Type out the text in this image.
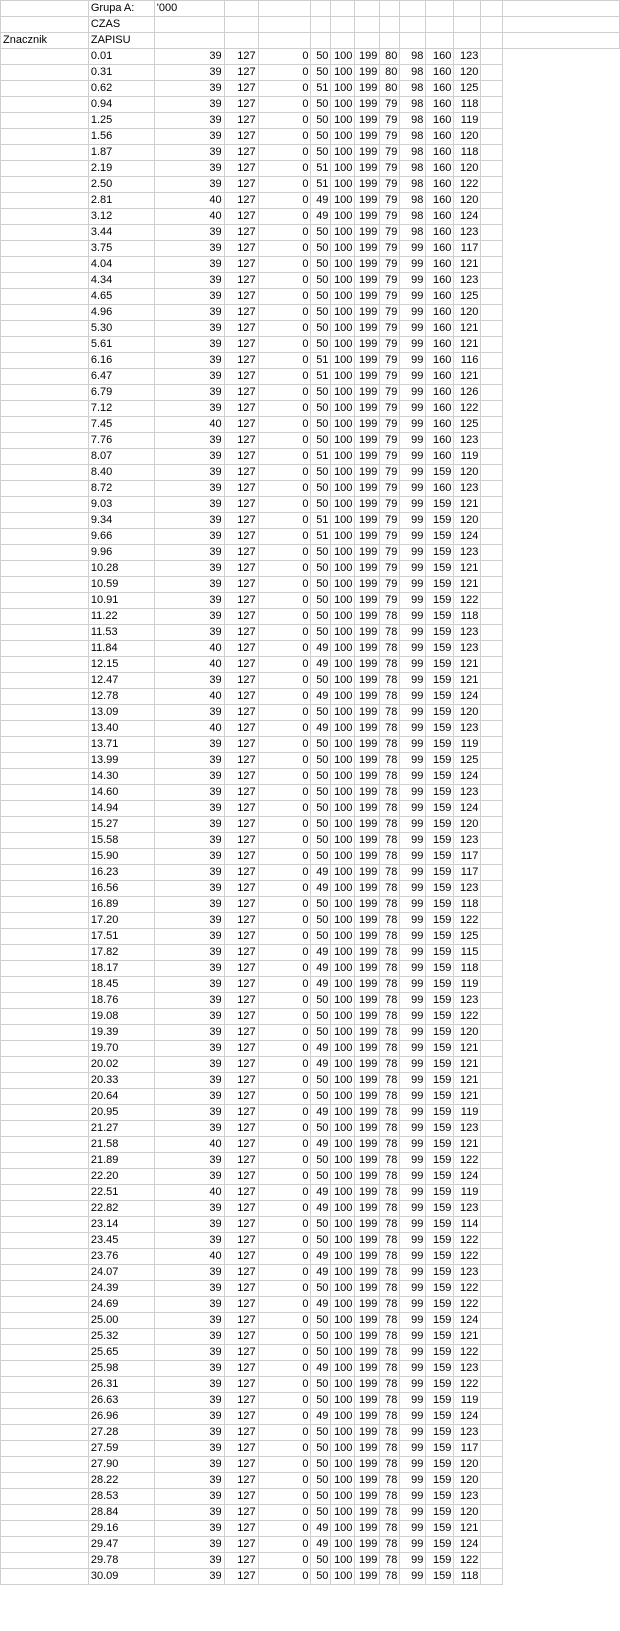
	Grupa A:	'000											
	CZAS												
Znacznik	ZAPISU												
	0.01	39	127	0	50	100	199	80	98	160	123		
	0.31	39	127	0	50	100	199	80	98	160	120		
	0.62	39	127	0	51	100	199	80	98	160	125		
	0.94	39	127	0	50	100	199	79	98	160	118		
	1.25	39	127	0	50	100	199	79	98	160	119		
	1.56	39	127	0	50	100	199	79	98	160	120		
	1.87	39	127	0	50	100	199	79	98	160	118		
	2.19	39	127	0	51	100	199	79	98	160	120		
	2.50	39	127	0	51	100	199	79	98	160	122		
	2.81	40	127	0	49	100	199	79	98	160	120		
	3.12	40	127	0	49	100	199	79	98	160	124		
	3.44	39	127	0	50	100	199	79	98	160	123		
	3.75	39	127	0	50	100	199	79	99	160	117		
	4.04	39	127	0	50	100	199	79	99	160	121		
	4.34	39	127	0	50	100	199	79	99	160	123		
	4.65	39	127	0	50	100	199	79	99	160	125		
	4.96	39	127	0	50	100	199	79	99	160	120		
	5.30	39	127	0	50	100	199	79	99	160	121		
	5.61	39	127	0	50	100	199	79	99	160	121		
	6.16	39	127	0	51	100	199	79	99	160	116		
	6.47	39	127	0	51	100	199	79	99	160	121		
	6.79	39	127	0	50	100	199	79	99	160	126		
	7.12	39	127	0	50	100	199	79	99	160	122		
	7.45	40	127	0	50	100	199	79	99	160	125		
	7.76	39	127	0	50	100	199	79	99	160	123		
	8.07	39	127	0	51	100	199	79	99	160	119		
	8.40	39	127	0	50	100	199	79	99	159	120		
	8.72	39	127	0	50	100	199	79	99	160	123		
	9.03	39	127	0	50	100	199	79	99	159	121		
	9.34	39	127	0	51	100	199	79	99	159	120		
	9.66	39	127	0	51	100	199	79	99	159	124		
	9.96	39	127	0	50	100	199	79	99	159	123		
	10.28	39	127	0	50	100	199	79	99	159	121		
	10.59	39	127	0	50	100	199	79	99	159	121		
	10.91	39	127	0	50	100	199	79	99	159	122		
	11.22	39	127	0	50	100	199	78	99	159	118		
	11.53	39	127	0	50	100	199	78	99	159	123		
	11.84	40	127	0	49	100	199	78	99	159	123		
	12.15	40	127	0	49	100	199	78	99	159	121		
	12.47	39	127	0	50	100	199	78	99	159	121		
	12.78	40	127	0	49	100	199	78	99	159	124		
	13.09	39	127	0	50	100	199	78	99	159	120		
	13.40	40	127	0	49	100	199	78	99	159	123		
	13.71	39	127	0	50	100	199	78	99	159	119		
	13.99	39	127	0	50	100	199	78	99	159	125		
	14.30	39	127	0	50	100	199	78	99	159	124		
	14.60	39	127	0	50	100	199	78	99	159	123		
	14.94	39	127	0	50	100	199	78	99	159	124		
	15.27	39	127	0	50	100	199	78	99	159	120		
	15.58	39	127	0	50	100	199	78	99	159	123		
	15.90	39	127	0	50	100	199	78	99	159	117		
	16.23	39	127	0	49	100	199	78	99	159	117		
	16.56	39	127	0	49	100	199	78	99	159	123		
	16.89	39	127	0	50	100	199	78	99	159	118		
	17.20	39	127	0	50	100	199	78	99	159	122		
	17.51	39	127	0	50	100	199	78	99	159	125		
	17.82	39	127	0	49	100	199	78	99	159	115		
	18.17	39	127	0	49	100	199	78	99	159	118		
	18.45	39	127	0	49	100	199	78	99	159	119		
	18.76	39	127	0	50	100	199	78	99	159	123		
	19.08	39	127	0	50	100	199	78	99	159	122		
	19.39	39	127	0	50	100	199	78	99	159	120		
	19.70	39	127	0	49	100	199	78	99	159	121		
	20.02	39	127	0	49	100	199	78	99	159	121		
	20.33	39	127	0	50	100	199	78	99	159	121		
	20.64	39	127	0	50	100	199	78	99	159	121		
	20.95	39	127	0	49	100	199	78	99	159	119		
	21.27	39	127	0	50	100	199	78	99	159	123		
	21.58	40	127	0	49	100	199	78	99	159	121		
	21.89	39	127	0	50	100	199	78	99	159	122		
	22.20	39	127	0	50	100	199	78	99	159	124		
	22.51	40	127	0	49	100	199	78	99	159	119		
	22.82	39	127	0	49	100	199	78	99	159	123		
	23.14	39	127	0	50	100	199	78	99	159	114		
	23.45	39	127	0	50	100	199	78	99	159	122		
	23.76	40	127	0	49	100	199	78	99	159	122		
	24.07	39	127	0	49	100	199	78	99	159	123		
	24.39	39	127	0	50	100	199	78	99	159	122		
	24.69	39	127	0	49	100	199	78	99	159	122		
	25.00	39	127	0	50	100	199	78	99	159	124		
	25.32	39	127	0	50	100	199	78	99	159	121		
	25.65	39	127	0	50	100	199	78	99	159	122		
	25.98	39	127	0	49	100	199	78	99	159	123		
	26.31	39	127	0	50	100	199	78	99	159	122		
	26.63	39	127	0	50	100	199	78	99	159	119		
	26.96	39	127	0	49	100	199	78	99	159	124		
	27.28	39	127	0	50	100	199	78	99	159	123		
	27.59	39	127	0	50	100	199	78	99	159	117		
	27.90	39	127	0	50	100	199	78	99	159	120		
	28.22	39	127	0	50	100	199	78	99	159	120		
	28.53	39	127	0	50	100	199	78	99	159	123		
	28.84	39	127	0	50	100	199	78	99	159	120		
	29.16	39	127	0	49	100	199	78	99	159	121		
	29.47	39	127	0	49	100	199	78	99	159	124		
	29.78	39	127	0	50	100	199	78	99	159	122		
	30.09	39	127	0	50	100	199	78	99	159	118		
